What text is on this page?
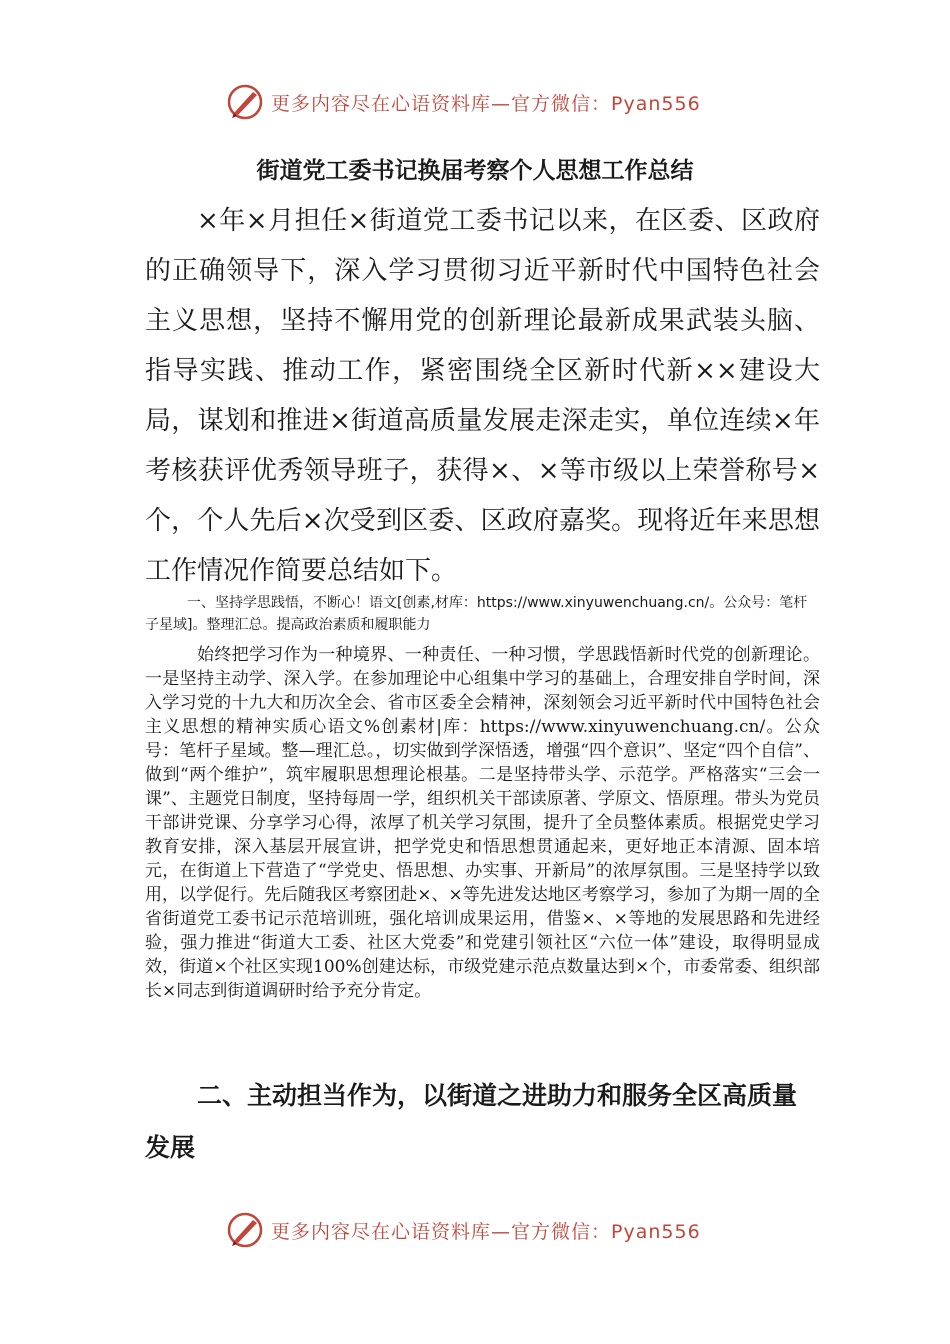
更多内容尽在心语资料库—官方微信：Pyan556
街道党工委书记换届考察个人思想工作总结

×年×月担任×街道党工委书记以来，在区委、区政府的正确领导下，深入学习贯彻习近平新时代中国特色社会主义思想，坚持不懈用党的创新理论最新成果武装头脑、指导实践、推动工作，紧密围绕全区新时代新××建设大局，谋划和推进×街道高质量发展走深走实，单位连续×年考核获评优秀领导班子，获得×、×等市级以上荣誉称号×个，个人先后×次受到区委、区政府嘉奖。现将近年来思想工作情况作简要总结如下。

一、坚持学思践悟，不断心！语文[创素,材库：https://www.xinyuwenchuang.cn/。公众号：笔杆子星域]。整理汇总。提高政治素质和履职能力

始终把学习作为一种境界、一种责任、一种习惯，学思践悟新时代党的创新理论。一是坚持主动学、深入学。在参加理论中心组集中学习的基础上，合理安排自学时间，深入学习党的十九大和历次全会、省市区委全会精神，深刻领会习近平新时代中国特色社会主义思想的精神实质心语文%创素材|库：https://www.xinyuwenchuang.cn/。公众号：笔杆子星域。整—理汇总。，切实做到学深悟透，增强“四个意识”、坚定“四个自信”、做到“两个维护”，筑牢履职思想理论根基。二是坚持带头学、示范学。严格落实“三会一课”、主题党日制度，坚持每周一学，组织机关干部读原著、学原文、悟原理。带头为党员干部讲党课、分享学习心得，浓厚了机关学习氛围，提升了全员整体素质。根据党史学习教育安排，深入基层开展宣讲，把学党史和悟思想贯通起来，更好地正本清源、固本培元，在街道上下营造了“学党史、悟思想、办实事、开新局”的浓厚氛围。三是坚持学以致用，以学促行。先后随我区考察团赴×、×等先进发达地区考察学习，参加了为期一周的全省街道党工委书记示范培训班，强化培训成果运用，借鉴×、×等地的发展思路和先进经验，强力推进“街道大工委、社区大党委”和党建引领社区“六位一体”建设，取得明显成效，街道×个社区实现100%创建达标，市级党建示范点数量达到×个，市委常委、组织部长×同志到街道调研时给予充分肯定。

二、主动担当作为，以街道之进助力和服务全区高质量发展

更多内容尽在心语资料库—官方微信：Pyan556
